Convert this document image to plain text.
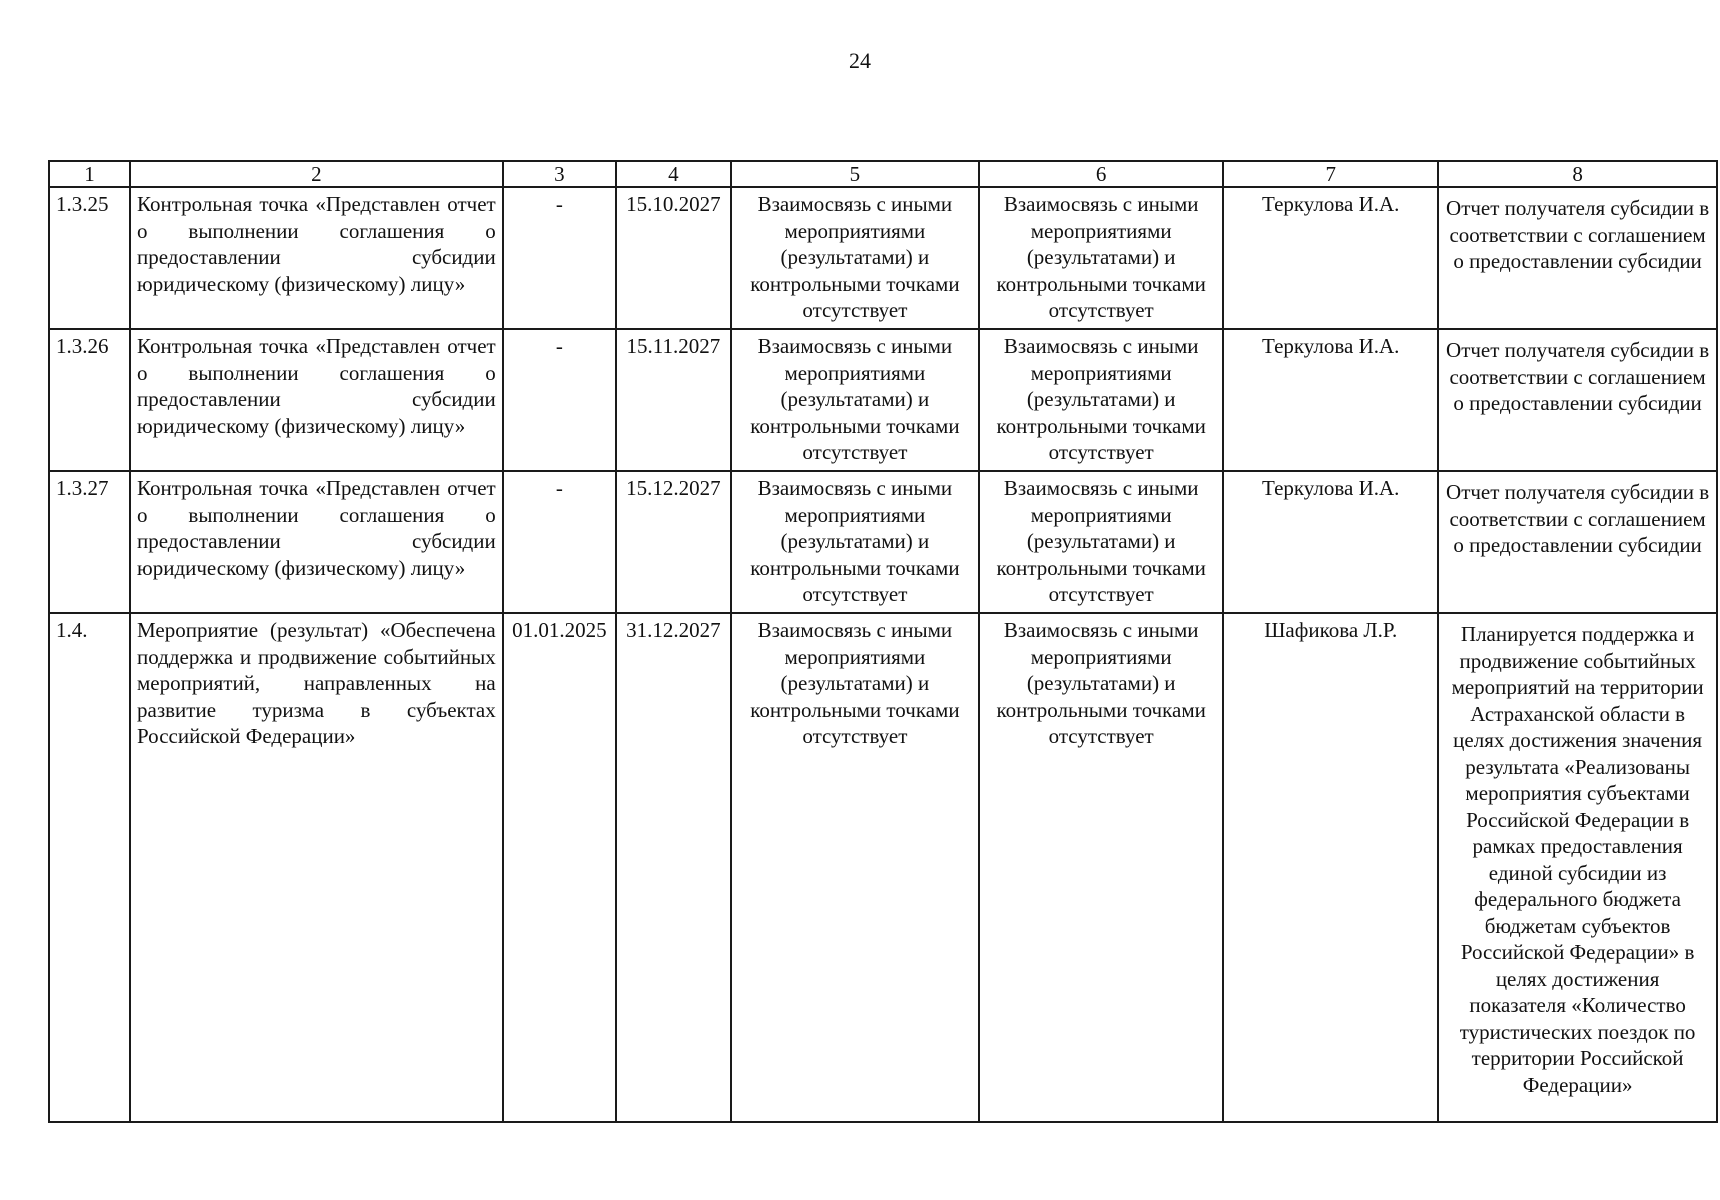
24
1	2	3	4	5	6	7	8
1.3.25	Контрольная точка «Представлен отчет о выполнении соглашения о предоставлении субсидии юридическому (физическому) лицу»	-	15.10.2027	Взаимосвязь с иными мероприятиями (результатами) и контрольными точками отсутствует	Взаимосвязь с иными мероприятиями (результатами) и контрольными точками отсутствует	Теркулова И.А.	Отчет получателя субсидии в соответствии с соглашением о предоставлении субсидии

1.3.26	Контрольная точка «Представлен отчет о выполнении соглашения о предоставлении субсидии юридическому (физическому) лицу»	-	15.11.2027	Взаимосвязь с иными мероприятиями (результатами) и контрольными точками отсутствует	Взаимосвязь с иными мероприятиями (результатами) и контрольными точками отсутствует	Теркулова И.А.	Отчет получателя субсидии в соответствии с соглашением о предоставлении субсидии

1.3.27	Контрольная точка «Представлен отчет о выполнении соглашения о предоставлении субсидии юридическому (физическому) лицу»	-	15.12.2027	Взаимосвязь с иными мероприятиями (результатами) и контрольными точками отсутствует	Взаимосвязь с иными мероприятиями (результатами) и контрольными точками отсутствует	Теркулова И.А.	Отчет получателя субсидии в соответствии с соглашением о предоставлении субсидии

1.4.	Мероприятие (результат) «Обеспечена поддержка и продвижение событийных мероприятий, направленных на развитие туризма в субъектах Российской Федерации»	01.01.2025	31.12.2027	Взаимосвязь с иными мероприятиями (результатами) и контрольными точками отсутствует	Взаимосвязь с иными мероприятиями (результатами) и контрольными точками отсутствует	Шафикова Л.Р.	Планируется поддержка и продвижение событийных мероприятий на территории Астраханской области в целях достижения значения результата «Реализованы мероприятия субъектами Российской Федерации в рамках предоставления единой субсидии из федерального бюджета бюджетам субъектов Российской Федерации» в целях достижения показателя «Количество туристических поездок по территории Российской Федерации»
